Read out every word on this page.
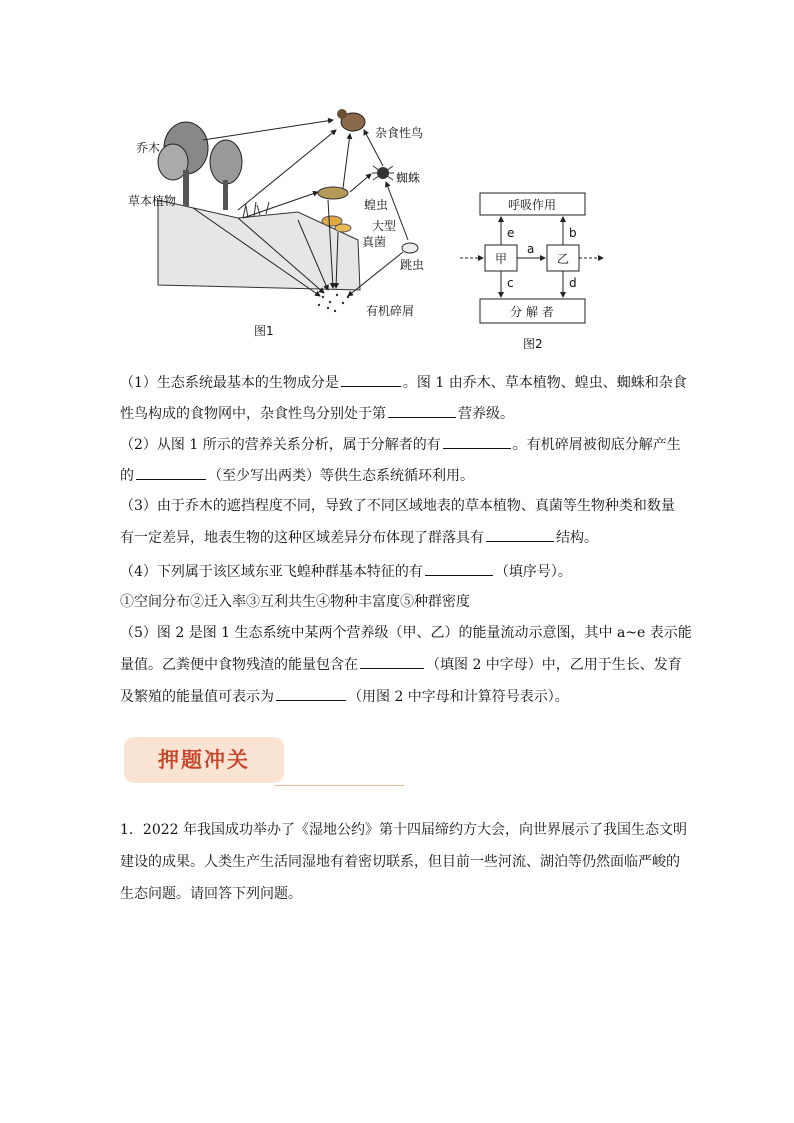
乔木
草本植物
杂食性鸟
蜘蛛
蝗虫
大型
真菌
跳虫
有机碎屑
图1
呼吸作用
甲	乙
分 解 者
e	b
a
c	d
图2
（1）生态系统最基本的生物成分是	。图 1 由乔木、草本植物、蝗虫、蜘蛛和杂食
性鸟构成的食物网中，杂食性鸟分别处于第	营养级。
（2）从图 1 所示的营养关系分析，属于分解者的有	。有机碎屑被彻底分解产生
的	（至少写出两类）等供生态系统循环利用。
（3）由于乔木的遮挡程度不同，导致了不同区域地表的草本植物、真菌等生物种类和数量
有一定差异，地表生物的这种区域差异分布体现了群落具有	结构。
（4）下列属于该区域东亚飞蝗种群基本特征的有	（填序号）。
①空间分布②迁入率③互利共生④物种丰富度⑤种群密度
（5）图 2 是图 1 生态系统中某两个营养级（甲、乙）的能量流动示意图，其中 a~e 表示能
量值。乙粪便中食物残渣的能量包含在	（填图 2 中字母）中，乙用于生长、发育
及繁殖的能量值可表示为	（用图 2 中字母和计算符号表示）。
押题冲关
1．2022 年我国成功举办了《湿地公约》第十四届缔约方大会，向世界展示了我国生态文明
建设的成果。人类生产生活同湿地有着密切联系，但目前一些河流、湖泊等仍然面临严峻的
生态问题。请回答下列问题。
